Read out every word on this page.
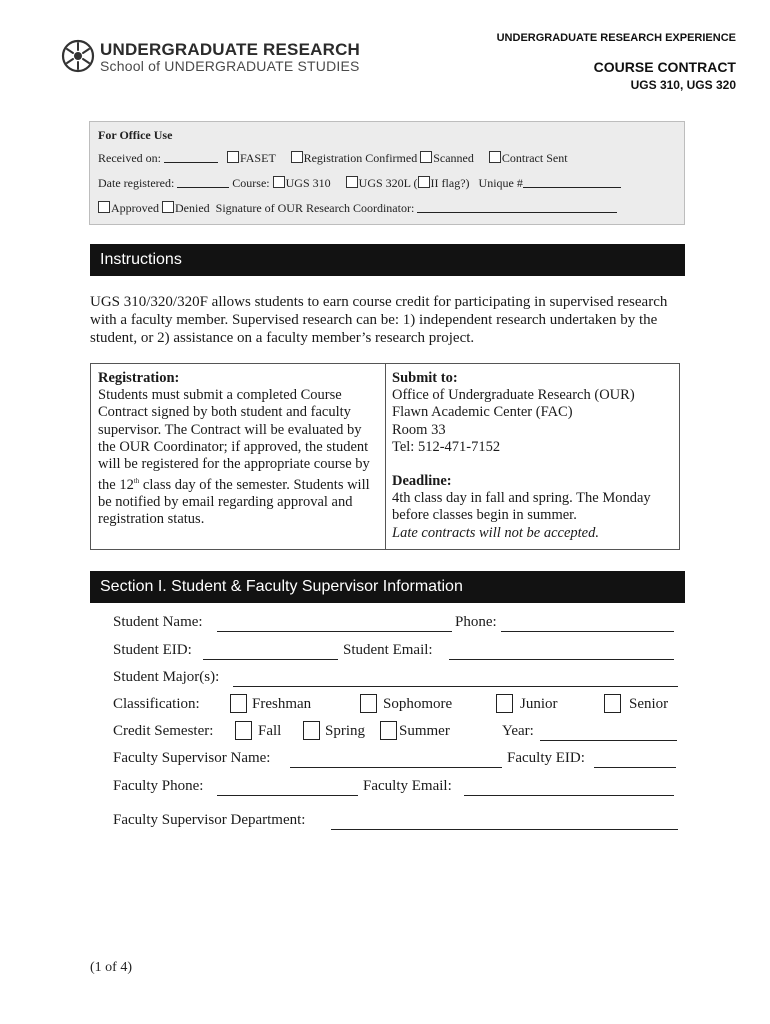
UNDERGRADUATE RESEARCH
School of UNDERGRADUATE STUDIES
UNDERGRADUATE RESEARCH EXPERIENCE
COURSE CONTRACT
UGS 310, UGS 320
For Office Use
Received on:	FASET Registration Confirmed Scanned Contract Sent
Date registered:	Course: UGS 310 UGS 320L ( II flag?) Unique #
Approved Denied Signature of OUR Research Coordinator:
Instructions
UGS 310/320/320F allows students to earn course credit for participating in supervised research with a faculty member. Supervised research can be: 1) independent research undertaken by the student, or 2) assistance on a faculty member’s research project.
Registration:
Students must submit a completed Course Contract signed by both student and faculty supervisor. The Contract will be evaluated by the OUR Coordinator; if approved, the student will be registered for the appropriate course by the 12th class day of the semester. Students will be notified by email regarding approval and registration status.
Submit to:
Office of Undergraduate Research (OUR)
Flawn Academic Center (FAC)
Room 33
Tel: 512-471-7152
Deadline:
4th class day in fall and spring. The Monday before classes begin in summer.
Late contracts will not be accepted.
Section I. Student & Faculty Supervisor Information
Student Name:	Phone:
Student EID:	Student Email:
Student Major(s):
Classification:	Freshman	Sophomore	Junior	Senior
Credit Semester:	Fall	Spring Summer	Year:
Faculty Supervisor Name:	Faculty EID:
Faculty Phone:	Faculty Email:
Faculty Supervisor Department:
(1 of 4)
